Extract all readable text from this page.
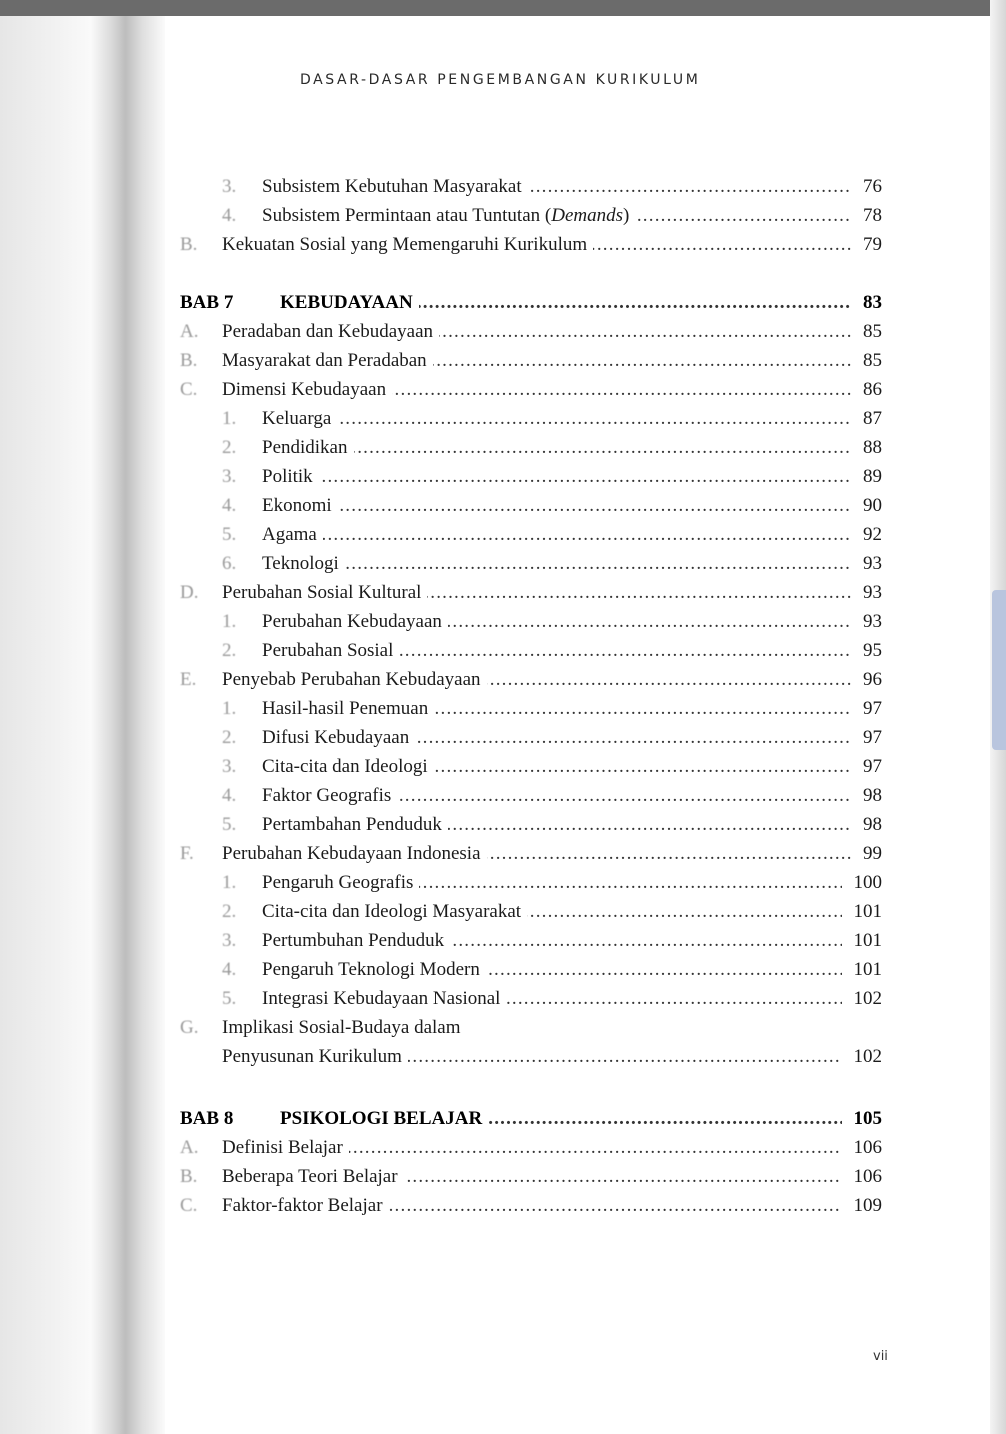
DASAR-DASAR PENGEMBANGAN KURIKULUM
3. ..... Subsistem Kebutuhan Masyarakat	76
4. ..... Subsistem Permintaan atau Tuntutan (Demands)	78
B. ..... Kekuatan Sosial yang Memengaruhi Kurikulum	79
BAB 7 ..... KEBUDAYAAN	83
A. ..... Peradaban dan Kebudayaan	85
B. ..... Masyarakat dan Peradaban	85
C. ..... Dimensi Kebudayaan	86
1. ..... Keluarga	87
2. ..... Pendidikan	88
3. ..... Politik	89
4. ..... Ekonomi	90
5. ..... Agama	92
6. ..... Teknologi	93
D. ..... Perubahan Sosial Kultural	93
1. ..... Perubahan Kebudayaan	93
2. ..... Perubahan Sosial	95
E. ..... Penyebab Perubahan Kebudayaan	96
1. ..... Hasil-hasil Penemuan	97
2. ..... Difusi Kebudayaan	97
3. ..... Cita-cita dan Ideologi	97
4. ..... Faktor Geografis	98
5. ..... Pertambahan Penduduk	98
F. ..... Perubahan Kebudayaan Indonesia	99
1. ..... Pengaruh Geografis	100
2. ..... Cita-cita dan Ideologi Masyarakat	101
3. ..... Pertumbuhan Penduduk	101
4. ..... Pengaruh Teknologi Modern	101
5. ..... Integrasi Kebudayaan Nasional	102
G. Implikasi Sosial-Budaya dalam
.....
Penyusunan Kurikulum	102
BAB 8 ..... PSIKOLOGI BELAJAR	105
A. ..... Definisi Belajar	106
B. ..... Beberapa Teori Belajar	106
C. ..... Faktor-faktor Belajar	109
vii
